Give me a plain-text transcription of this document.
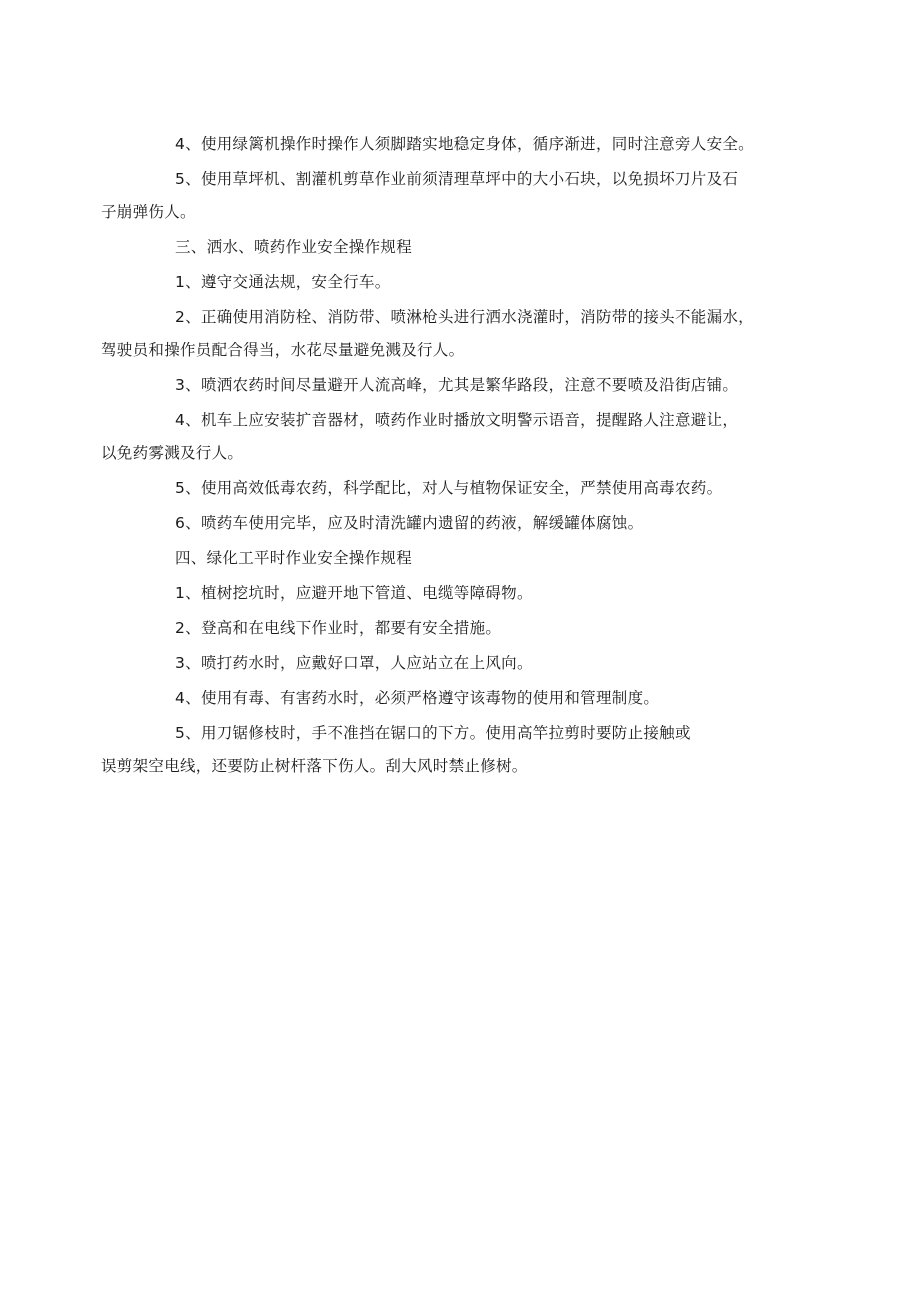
4、使用绿篱机操作时操作人须脚踏实地稳定身体，循序渐进，同时注意旁人安全。
5、使用草坪机、割灌机剪草作业前须清理草坪中的大小石块，以免损坏刀片及石
子崩弹伤人。
三、洒水、喷药作业安全操作规程
1、遵守交通法规，安全行车。
2、正确使用消防栓、消防带、喷淋枪头进行洒水浇灌时，消防带的接头不能漏水，
驾驶员和操作员配合得当，水花尽量避免溅及行人。
3、喷洒农药时间尽量避开人流高峰，尤其是繁华路段，注意不要喷及沿街店铺。
4、机车上应安装扩音器材，喷药作业时播放文明警示语音，提醒路人注意避让，
以免药雾溅及行人。
5、使用高效低毒农药，科学配比，对人与植物保证安全，严禁使用高毒农药。
6、喷药车使用完毕，应及时清洗罐内遗留的药液，解缓罐体腐蚀。
四、绿化工平时作业安全操作规程
1、植树挖坑时，应避开地下管道、电缆等障碍物。
2、登高和在电线下作业时，都要有安全措施。
3、喷打药水时，应戴好口罩，人应站立在上风向。
4、使用有毒、有害药水时，必须严格遵守该毒物的使用和管理制度。
5、用刀锯修枝时，手不准挡在锯口的下方。使用高竿拉剪时要防止接触或
误剪架空电线，还要防止树杆落下伤人。刮大风时禁止修树。
